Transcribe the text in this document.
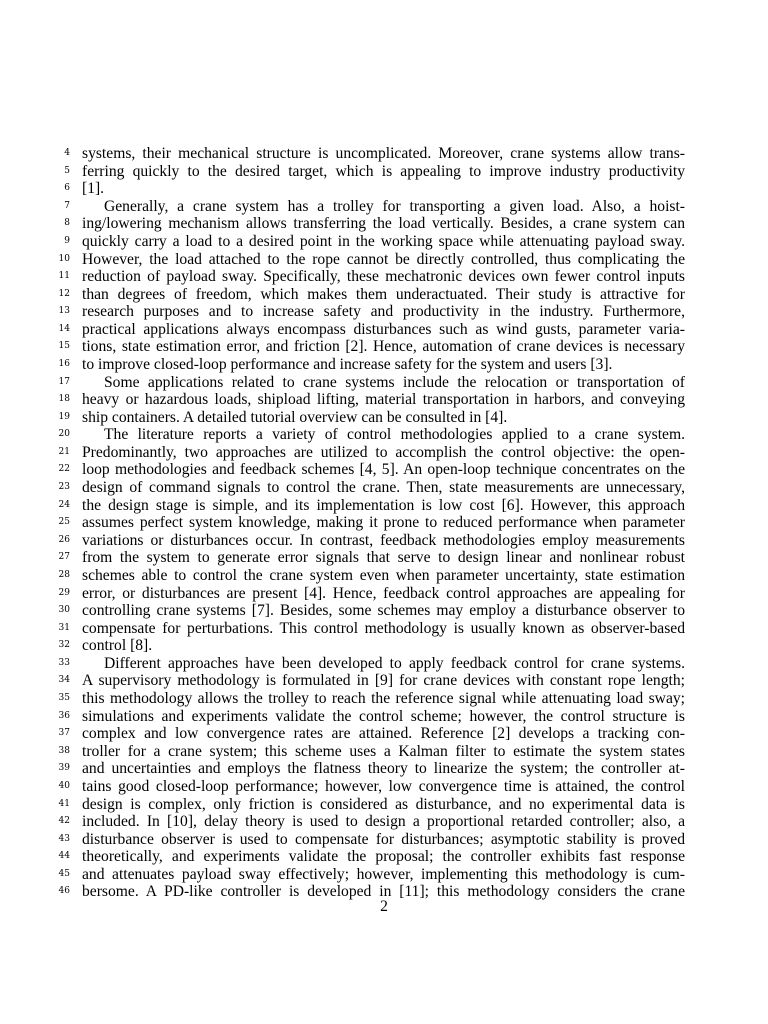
4 systems, their mechanical structure is uncomplicated. Moreover, crane systems allow trans-
5 ferring quickly to the desired target, which is appealing to improve industry productivity
6 [1].
7 Generally, a crane system has a trolley for transporting a given load. Also, a hoist-
8 ing/lowering mechanism allows transferring the load vertically. Besides, a crane system can
9 quickly carry a load to a desired point in the working space while attenuating payload sway.
10 However, the load attached to the rope cannot be directly controlled, thus complicating the
11 reduction of payload sway. Specifically, these mechatronic devices own fewer control inputs
12 than degrees of freedom, which makes them underactuated. Their study is attractive for
13 research purposes and to increase safety and productivity in the industry. Furthermore,
14 practical applications always encompass disturbances such as wind gusts, parameter varia-
15 tions, state estimation error, and friction [2]. Hence, automation of crane devices is necessary
16 to improve closed-loop performance and increase safety for the system and users [3].
17 Some applications related to crane systems include the relocation or transportation of
18 heavy or hazardous loads, shipload lifting, material transportation in harbors, and conveying
19 ship containers. A detailed tutorial overview can be consulted in [4].
20 The literature reports a variety of control methodologies applied to a crane system.
21 Predominantly, two approaches are utilized to accomplish the control objective: the open-
22 loop methodologies and feedback schemes [4, 5]. An open-loop technique concentrates on the
23 design of command signals to control the crane. Then, state measurements are unnecessary,
24 the design stage is simple, and its implementation is low cost [6]. However, this approach
25 assumes perfect system knowledge, making it prone to reduced performance when parameter
26 variations or disturbances occur. In contrast, feedback methodologies employ measurements
27 from the system to generate error signals that serve to design linear and nonlinear robust
28 schemes able to control the crane system even when parameter uncertainty, state estimation
29 error, or disturbances are present [4]. Hence, feedback control approaches are appealing for
30 controlling crane systems [7]. Besides, some schemes may employ a disturbance observer to
31 compensate for perturbations. This control methodology is usually known as observer-based
32 control [8].
33 Different approaches have been developed to apply feedback control for crane systems.
34 A supervisory methodology is formulated in [9] for crane devices with constant rope length;
35 this methodology allows the trolley to reach the reference signal while attenuating load sway;
36 simulations and experiments validate the control scheme; however, the control structure is
37 complex and low convergence rates are attained. Reference [2] develops a tracking con-
38 troller for a crane system; this scheme uses a Kalman filter to estimate the system states
39 and uncertainties and employs the flatness theory to linearize the system; the controller at-
40 tains good closed-loop performance; however, low convergence time is attained, the control
41 design is complex, only friction is considered as disturbance, and no experimental data is
42 included. In [10], delay theory is used to design a proportional retarded controller; also, a
43 disturbance observer is used to compensate for disturbances; asymptotic stability is proved
44 theoretically, and experiments validate the proposal; the controller exhibits fast response
45 and attenuates payload sway effectively; however, implementing this methodology is cum-
46 bersome. A PD-like controller is developed in [11]; this methodology considers the crane
2
